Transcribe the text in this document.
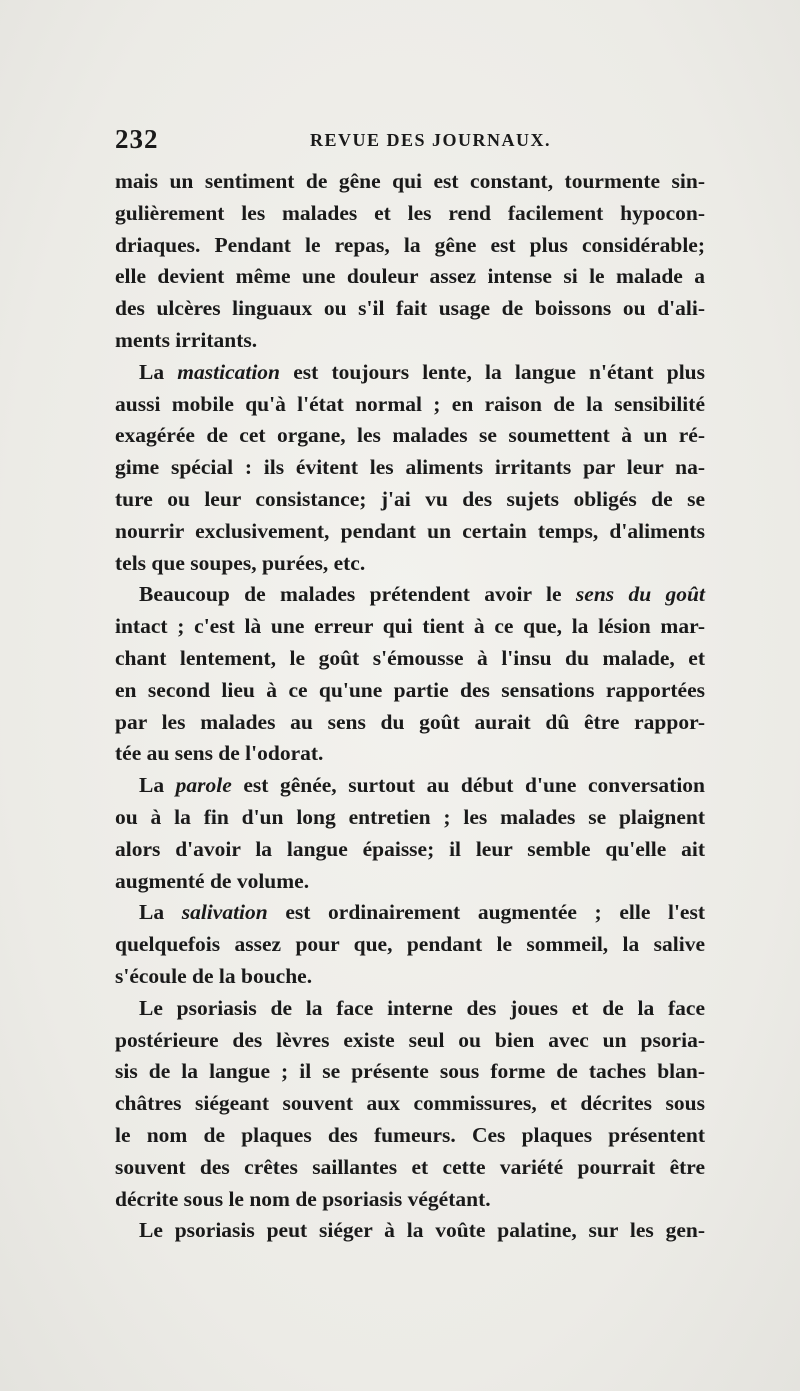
232	REVUE DES JOURNAUX.
mais un sentiment de gêne qui est constant, tourmente sin-
gulièrement les malades et les rend facilement hypocon-
driaques. Pendant le repas, la gêne est plus considérable;
elle devient même une douleur assez intense si le malade a
des ulcères linguaux ou s'il fait usage de boissons ou d'ali-
ments irritants.
La mastication est toujours lente, la langue n'étant plus
aussi mobile qu'à l'état normal ; en raison de la sensibilité
exagérée de cet organe, les malades se soumettent à un ré-
gime spécial : ils évitent les aliments irritants par leur na-
ture ou leur consistance; j'ai vu des sujets obligés de se
nourrir exclusivement, pendant un certain temps, d'aliments
tels que soupes, purées, etc.
Beaucoup de malades prétendent avoir le sens du goût
intact ; c'est là une erreur qui tient à ce que, la lésion mar-
chant lentement, le goût s'émousse à l'insu du malade, et
en second lieu à ce qu'une partie des sensations rapportées
par les malades au sens du goût aurait dû être rappor-
tée au sens de l'odorat.
La parole est gênée, surtout au début d'une conversation
ou à la fin d'un long entretien ; les malades se plaignent
alors d'avoir la langue épaisse; il leur semble qu'elle ait
augmenté de volume.
La salivation est ordinairement augmentée ; elle l'est
quelquefois assez pour que, pendant le sommeil, la salive
s'écoule de la bouche.
Le psoriasis de la face interne des joues et de la face
postérieure des lèvres existe seul ou bien avec un psoria-
sis de la langue ; il se présente sous forme de taches blan-
châtres siégeant souvent aux commissures, et décrites sous
le nom de plaques des fumeurs. Ces plaques présentent
souvent des crêtes saillantes et cette variété pourrait être
décrite sous le nom de psoriasis végétant.
Le psoriasis peut siéger à la voûte palatine, sur les gen-
